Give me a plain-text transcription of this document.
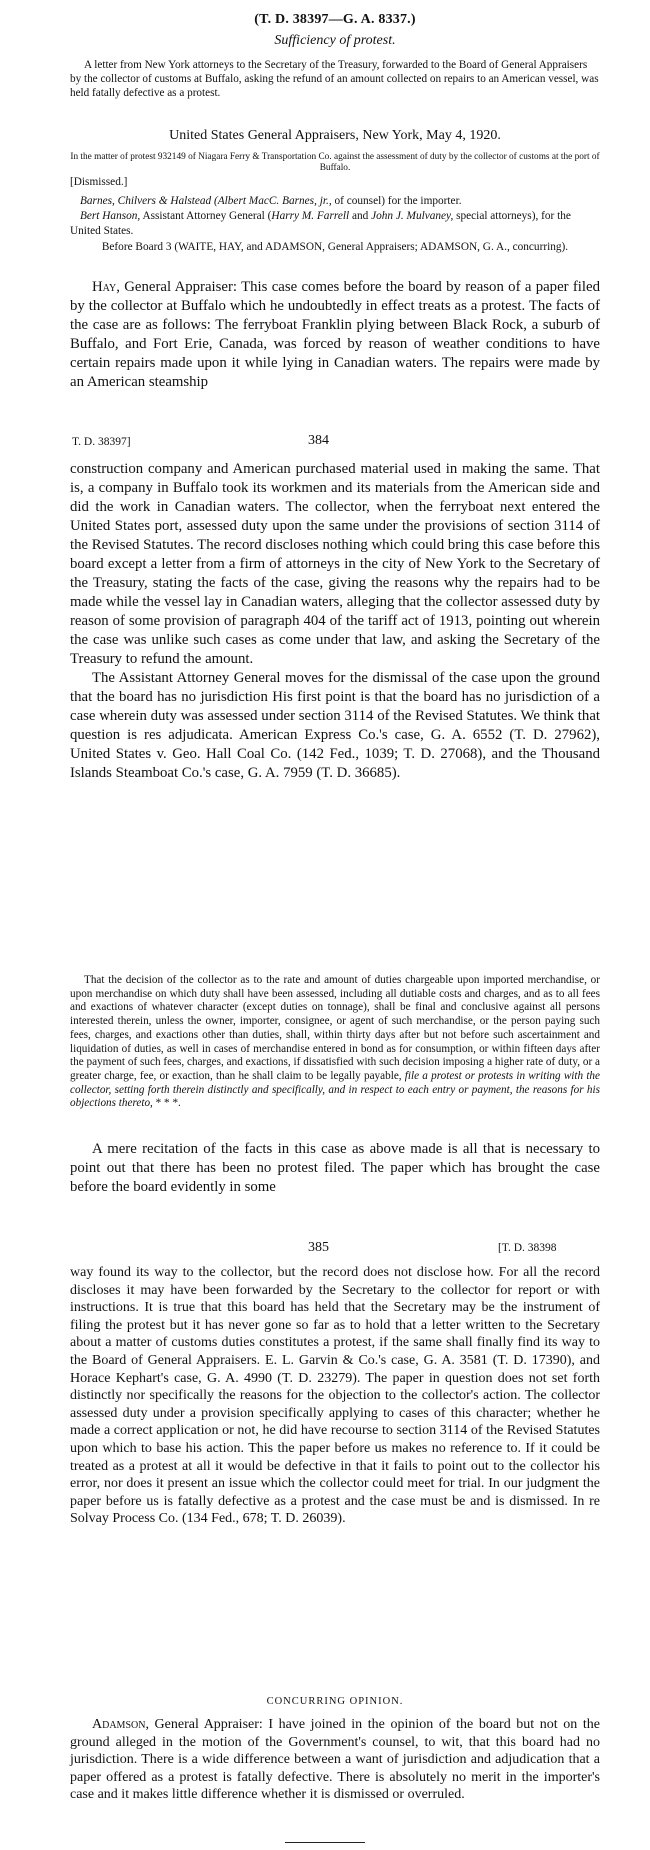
(T. D. 38397—G. A. 8337.)
Sufficiency of protest.

A letter from New York attorneys to the Secretary of the Treasury, forwarded to the Board of General Appraisers by the collector of customs at Buffalo, asking the refund of an amount collected on repairs to an American vessel, was held fatally defective as a protest.

United States General Appraisers, New York, May 4, 1920.
In the matter of protest 932149 of Niagara Ferry & Transportation Co. against the assessment of duty by the collector of customs at the port of Buffalo.
[Dismissed.]

Barnes, Chilvers & Halstead (Albert MacC. Barnes, jr., of counsel) for the importer.

Bert Hanson, Assistant Attorney General (Harry M. Farrell and John J. Mulvaney, special attorneys), for the United States.

Before Board 3 (WAITE, HAY, and ADAMSON, General Appraisers; ADAMSON, G. A., concurring).

Hay, General Appraiser: This case comes before the board by reason of a paper filed by the collector at Buffalo which he undoubtedly in effect treats as a protest. The facts of the case are as follows: The ferryboat Franklin plying between Black Rock, a suburb of Buffalo, and Fort Erie, Canada, was forced by reason of weather conditions to have certain repairs made upon it while lying in Canadian waters. The repairs were made by an American steamship

T. D. 38397]	384

construction company and American purchased material used in making the same. That is, a company in Buffalo took its workmen and its materials from the American side and did the work in Canadian waters. The collector, when the ferryboat next entered the United States port, assessed duty upon the same under the provisions of section 3114 of the Revised Statutes. The record discloses nothing which could bring this case before this board except a letter from a firm of attorneys in the city of New York to the Secretary of the Treasury, stating the facts of the case, giving the reasons why the repairs had to be made while the vessel lay in Canadian waters, alleging that the collector assessed duty by reason of some provision of paragraph 404 of the tariff act of 1913, pointing out wherein the case was unlike such cases as come under that law, and asking the Secretary of the Treasury to refund the amount.

The Assistant Attorney General moves for the dismissal of the case upon the ground that the board has no jurisdiction His first point is that the board has no jurisdiction of a case wherein duty was assessed under section 3114 of the Revised Statutes. We think that question is res adjudicata. American Express Co.'s case, G. A. 6552 (T. D. 27962), United States v. Geo. Hall Coal Co. (142 Fed., 1039; T. D. 27068), and the Thousand Islands Steamboat Co.'s case, G. A. 7959 (T. D. 36685).

That the decision of the collector as to the rate and amount of duties chargeable upon imported merchandise, or upon merchandise on which duty shall have been assessed, including all dutiable costs and charges, and as to all fees and exactions of whatever character (except duties on tonnage), shall be final and conclusive against all persons interested therein, unless the owner, importer, consignee, or agent of such merchandise, or the person paying such fees, charges, and exactions other than duties, shall, within thirty days after but not before such ascertainment and liquidation of duties, as well in cases of merchandise entered in bond as for consumption, or within fifteen days after the payment of such fees, charges, and exactions, if dissatisfied with such decision imposing a higher rate of duty, or a greater charge, fee, or exaction, than he shall claim to be legally payable, file a protest or protests in writing with the collector, setting forth therein distinctly and specifically, and in respect to each entry or payment, the reasons for his objections thereto, * * *.

A mere recitation of the facts in this case as above made is all that is necessary to point out that there has been no protest filed. The paper which has brought the case before the board evidently in some

385	[T. D. 38398

way found its way to the collector, but the record does not disclose how. For all the record discloses it may have been forwarded by the Secretary to the collector for report or with instructions. It is true that this board has held that the Secretary may be the instrument of filing the protest but it has never gone so far as to hold that a letter written to the Secretary about a matter of customs duties constitutes a protest, if the same shall finally find its way to the Board of General Appraisers. E. L. Garvin & Co.'s case, G. A. 3581 (T. D. 17390), and Horace Kephart's case, G. A. 4990 (T. D. 23279). The paper in question does not set forth distinctly nor specifically the reasons for the objection to the collector's action. The collector assessed duty under a provision specifically applying to cases of this character; whether he made a correct application or not, he did have recourse to section 3114 of the Revised Statutes upon which to base his action. This the paper before us makes no reference to. If it could be treated as a protest at all it would be defective in that it fails to point out to the collector his error, nor does it present an issue which the collector could meet for trial. In our judgment the paper before us is fatally defective as a protest and the case must be and is dismissed. In re Solvay Process Co. (134 Fed., 678; T. D. 26039).

CONCURRING OPINION.

Adamson, General Appraiser: I have joined in the opinion of the board but not on the ground alleged in the motion of the Government's counsel, to wit, that this board had no jurisdiction. There is a wide difference between a want of jurisdiction and adjudication that a paper offered as a protest is fatally defective. There is absolutely no merit in the importer's case and it makes little difference whether it is dismissed or overruled.
